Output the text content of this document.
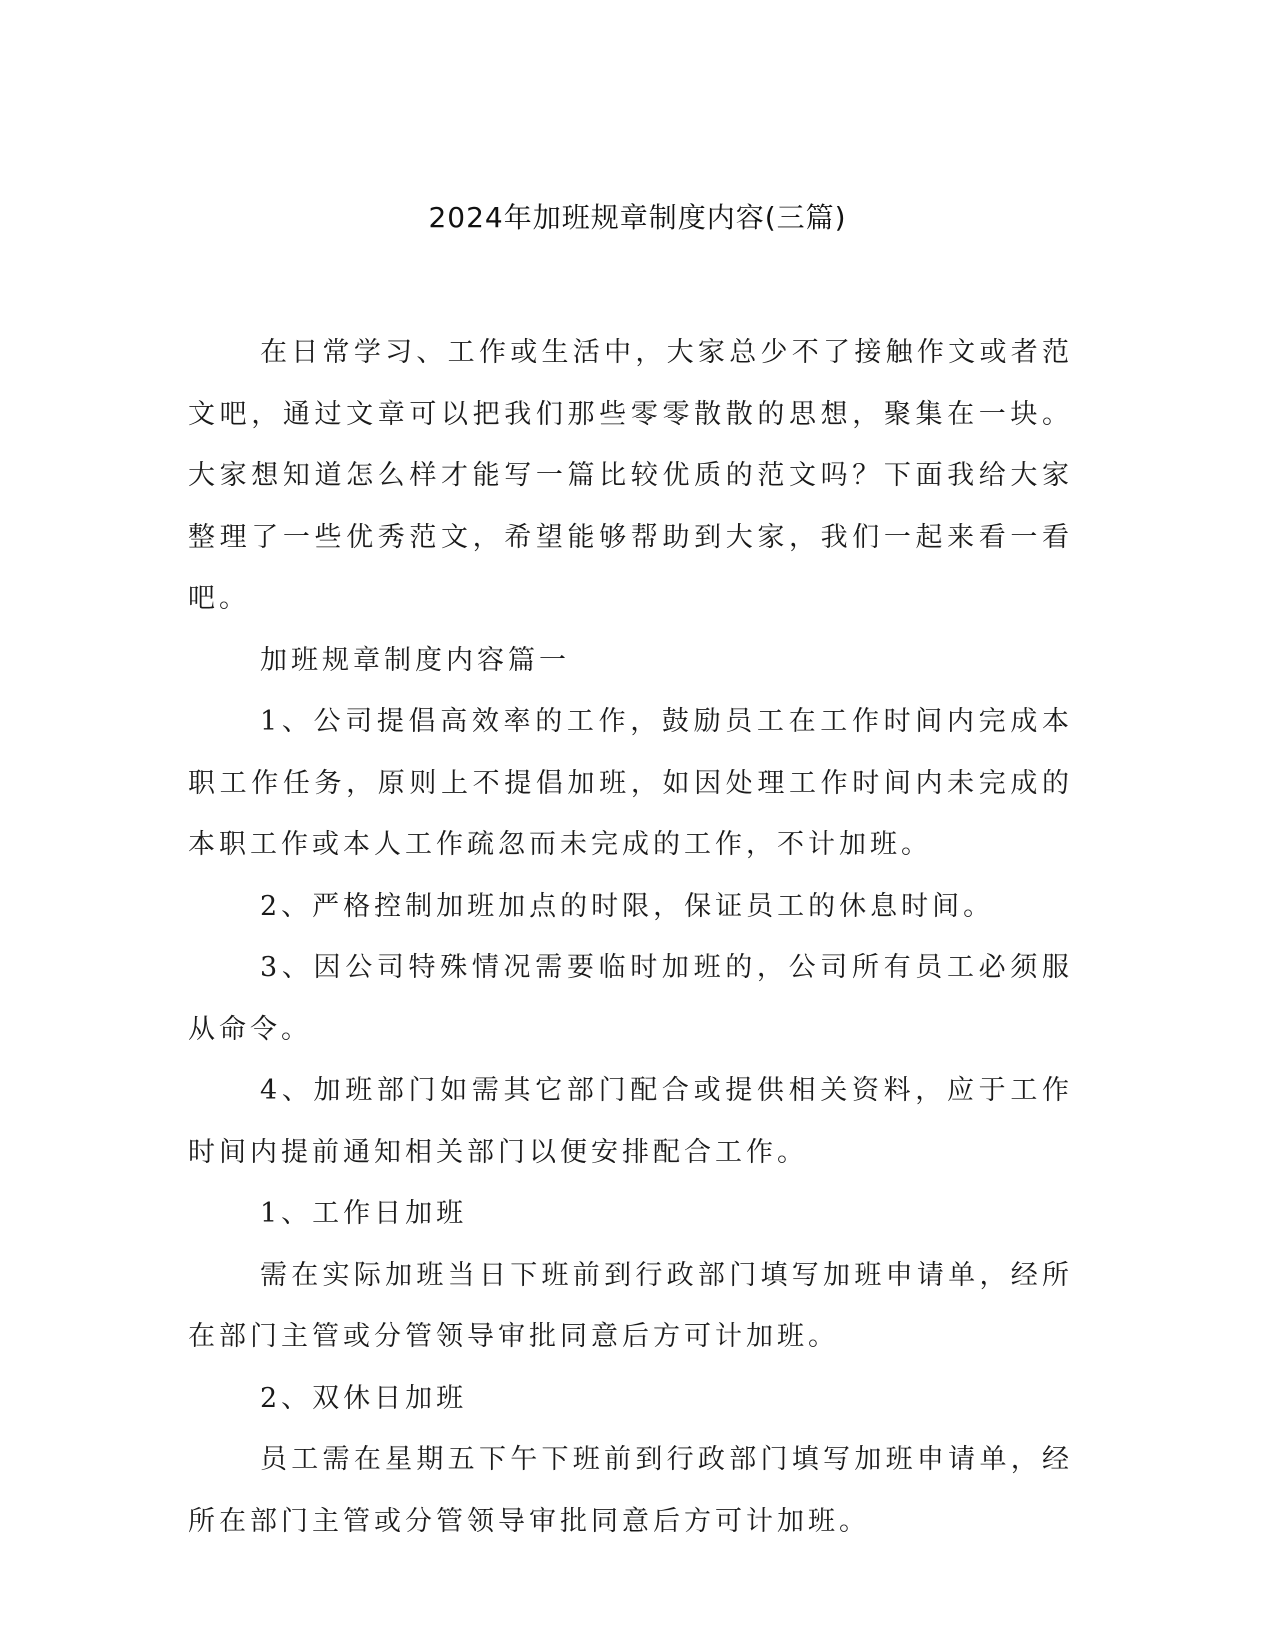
2024年加班规章制度内容(三篇)

在日常学习、工作或生活中，大家总少不了接触作文或者范文吧，通过文章可以把我们那些零零散散的思想，聚集在一块。大家想知道怎么样才能写一篇比较优质的范文吗？下面我给大家整理了一些优秀范文，希望能够帮助到大家，我们一起来看一看吧。

加班规章制度内容篇一

1、公司提倡高效率的工作，鼓励员工在工作时间内完成本职工作任务，原则上不提倡加班，如因处理工作时间内未完成的本职工作或本人工作疏忽而未完成的工作，不计加班。

2、严格控制加班加点的时限，保证员工的休息时间。

3、因公司特殊情况需要临时加班的，公司所有员工必须服从命令。

4、加班部门如需其它部门配合或提供相关资料，应于工作时间内提前通知相关部门以便安排配合工作。

1、工作日加班

需在实际加班当日下班前到行政部门填写加班申请单，经所在部门主管或分管领导审批同意后方可计加班。

2、双休日加班

员工需在星期五下午下班前到行政部门填写加班申请单，经所在部门主管或分管领导审批同意后方可计加班。
